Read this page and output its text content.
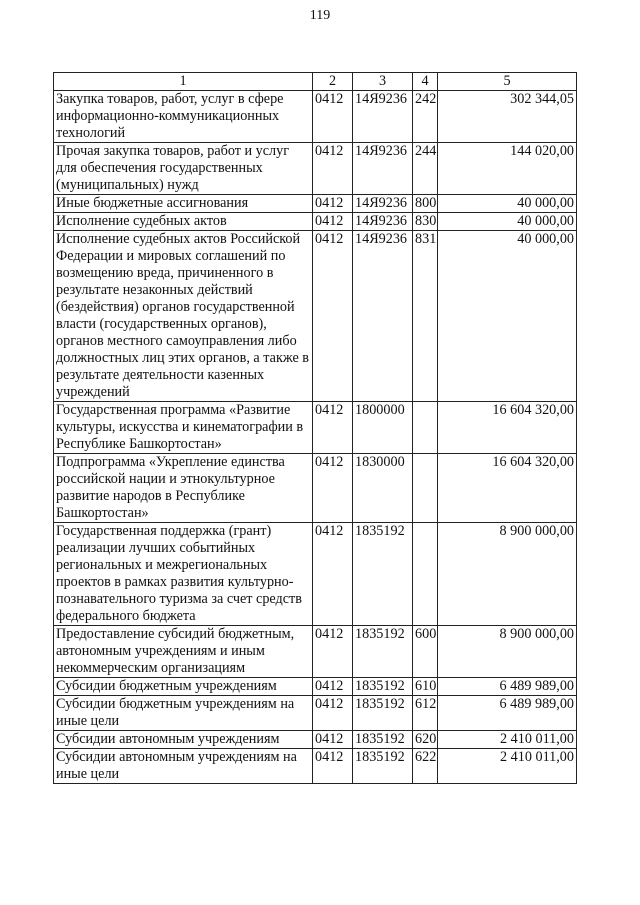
119
1	2	3	4	5
Закупка товаров, работ, услуг в сфере информационно-коммуникационных технологий	0412	14Я9236	242	302 344,05
Прочая закупка товаров, работ и услуг для обеспечения государственных (муниципальных) нужд	0412	14Я9236	244	144 020,00
Иные бюджетные ассигнования	0412	14Я9236	800	40 000,00
Исполнение судебных актов	0412	14Я9236	830	40 000,00
Исполнение судебных актов Российской Федерации и мировых соглашений по возмещению вреда, причиненного в результате незаконных действий (бездействия) органов государственной власти (государственных органов), органов местного самоуправления либо должностных лиц этих органов, а также в результате деятельности казенных учреждений	0412	14Я9236	831	40 000,00
Государственная программа «Развитие культуры, искусства и кинематографии в Республике Башкортостан»	0412	1800000		16 604 320,00
Подпрограмма «Укрепление единства российской нации и этнокультурное развитие народов в Республике Башкортостан»	0412	1830000		16 604 320,00
Государственная поддержка (грант) реализации лучших событийных региональных и межрегиональных проектов в рамках развития культурно-познавательного туризма за счет средств федерального бюджета	0412	1835192		8 900 000,00
Предоставление субсидий бюджетным, автономным учреждениям и иным некоммерческим организациям	0412	1835192	600	8 900 000,00
Субсидии бюджетным учреждениям	0412	1835192	610	6 489 989,00
Субсидии бюджетным учреждениям на иные цели	0412	1835192	612	6 489 989,00
Субсидии автономным учреждениям	0412	1835192	620	2 410 011,00
Субсидии автономным учреждениям на иные цели	0412	1835192	622	2 410 011,00
